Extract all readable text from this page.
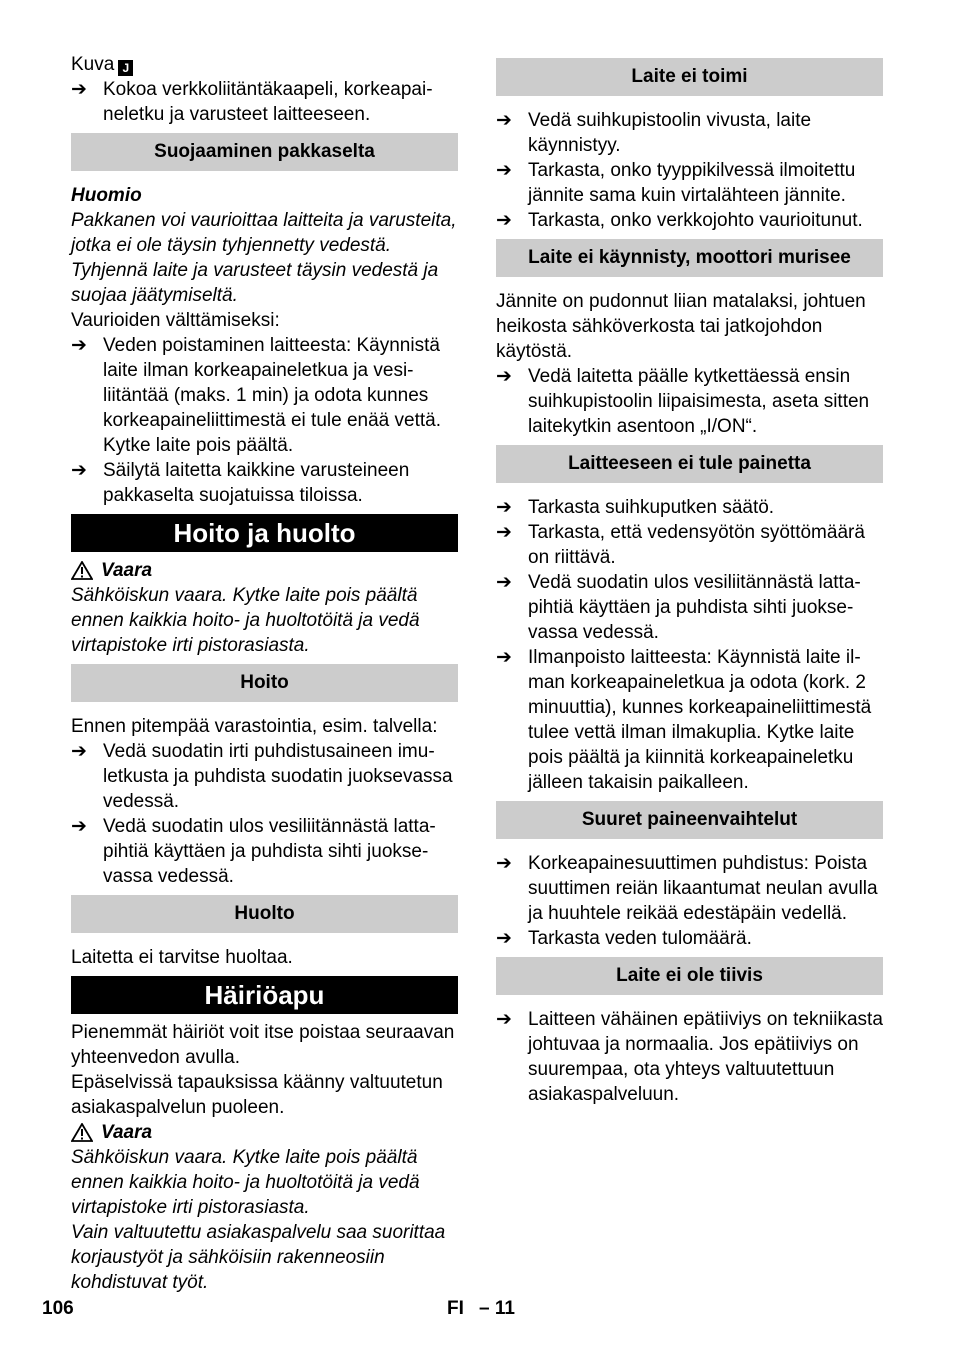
Kuva J

➔ Kokoa verkkoliitäntäkaapeli, korkeapaineletku ja varusteet laitteeseen.
Suojaaminen pakkaselta

Huomio

Pakkanen voi vaurioittaa laitteita ja varusteita, jotka ei ole täysin tyhjennetty vedestä. Tyhjennä laite ja varusteet täysin vedestä ja suojaa jäätymiseltä.

Vaurioiden välttämiseksi:

➔ Veden poistaminen laitteesta: Käynnistä laite ilman korkeapaineletkua ja vesiliitäntää (maks. 1 min) ja odota kunnes korkeapaineliittimestä ei tule enää vettä. Kytke laite pois päältä.
➔ Säilytä laitetta kaikkine varusteineen pakkaselta suojatuissa tiloissa.
Hoito ja huolto

Vaara

Sähköiskun vaara. Kytke laite pois päältä ennen kaikkia hoito- ja huoltotöitä ja vedä virtapistoke irti pistorasiasta.

Hoito

Ennen pitempää varastointia, esim. talvella:

➔ Vedä suodatin irti puhdistusaineen imuletkusta ja puhdista suodatin juoksevassa vedessä.
➔ Vedä suodatin ulos vesiliitännästä lattapihtiä käyttäen ja puhdista sihti juoksevassa vedessä.
Huolto

Laitetta ei tarvitse huoltaa.

Häiriöapu

Pienemmät häiriöt voit itse poistaa seuraavan yhteenvedon avulla.

Epäselvissä tapauksissa käänny valtuutetun asiakaspalvelun puoleen.

Vaara

Sähköiskun vaara. Kytke laite pois päältä ennen kaikkia hoito- ja huoltotöitä ja vedä virtapistoke irti pistorasiasta.

Vain valtuutettu asiakaspalvelu saa suorittaa korjaustyöt ja sähköisiin rakenneosiin kohdistuvat työt.

Laite ei toimi
➔ Vedä suihkupistoolin vivusta, laite käynnistyy.
➔ Tarkasta, onko tyyppikilvessä ilmoitettu jännite sama kuin virtalähteen jännite.
➔ Tarkasta, onko verkkojohto vaurioitunut.
Laite ei käynnisty, moottori murisee

Jännite on pudonnut liian matalaksi, johtuen heikosta sähköverkosta tai jatkojohdon käytöstä.

➔ Vedä laitetta päälle kytkettäessä ensin suihkupistoolin liipaisimesta, aseta sitten laitekytkin asentoon „I/ON“.
Laitteeseen ei tule painetta
➔ Tarkasta suihkuputken säätö.
➔ Tarkasta, että vedensyötön syöttömäärä on riittävä.
➔ Vedä suodatin ulos vesiliitännästä lattapihtiä käyttäen ja puhdista sihti juoksevassa vedessä.
➔ Ilmanpoisto laitteesta: Käynnistä laite ilman korkeapaineletkua ja odota (kork. 2 minuuttia), kunnes korkeapaineliittimestä tulee vettä ilman ilmakuplia. Kytke laite pois päältä ja kiinnitä korkeapaineletku jälleen takaisin paikalleen.
Suuret paineenvaihtelut
➔ Korkeapainesuuttimen puhdistus: Poista suuttimen reiän likaantumat neulan avulla ja huuhtele reikää edestäpäin vedellä.
➔ Tarkasta veden tulomäärä.
Laite ei ole tiivis
➔ Laitteen vähäinen epätiiviys on tekniikasta johtuvaa ja normaalia. Jos epätiiviys on suurempaa, ota yhteys valtuutettuun asiakaspalveluun.
106	FI – 11
